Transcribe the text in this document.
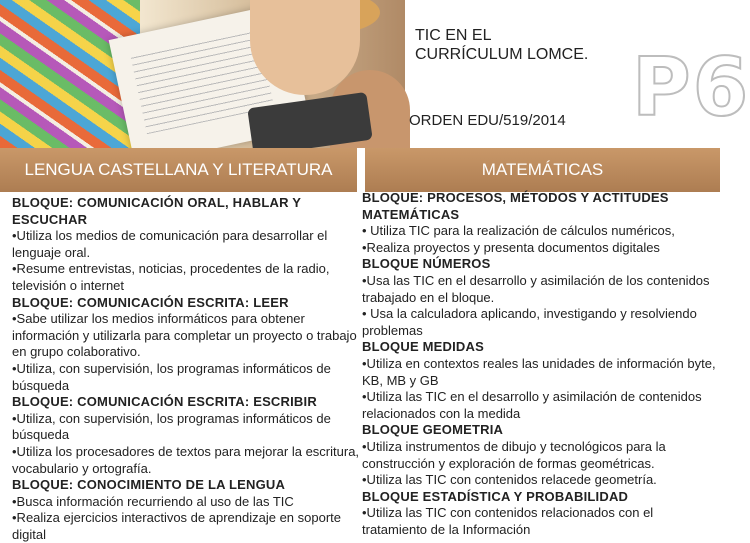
TIC EN EL
CURRÍCULUM LOMCE.
ORDEN EDU/519/2014 P6
LENGUA CASTELLANA Y LITERATURA	MATEMÁTICAS

BLOQUE: COMUNICACIÓN ORAL, HABLAR Y ESCUCHAR

•Utiliza los medios de comunicación para desarrollar el lenguaje oral.

•Resume entrevistas, noticias, procedentes de la radio, televisión o internet

BLOQUE: COMUNICACIÓN ESCRITA: LEER

•Sabe utilizar los medios informáticos para obtener información y utilizarla para completar un proyecto o trabajo en grupo colaborativo.

•Utiliza, con supervisión, los programas informáticos de búsqueda

BLOQUE: COMUNICACIÓN ESCRITA: ESCRIBIR

•Utiliza, con supervisión, los programas informáticos de búsqueda

•Utiliza los procesadores de textos para mejorar la escritura, vocabulario y ortografía.

BLOQUE: CONOCIMIENTO DE LA LENGUA

•Busca información recurriendo al uso de las TIC

•Realiza ejercicios interactivos de aprendizaje en soporte digital

BLOQUE: PROCESOS, MÉTODOS Y ACTITUDES MATEMÁTICAS

• Utiliza TIC para la realización de cálculos numéricos,

•Realiza proyectos y presenta documentos digitales

BLOQUE NÚMEROS

•Usa las TIC en el desarrollo y asimilación de los contenidos trabajado en el bloque.

• Usa la calculadora aplicando, investigando y resolviendo problemas

BLOQUE MEDIDAS

•Utiliza en contextos reales las unidades de información byte, KB, MB y GB

•Utiliza las TIC en el desarrollo y asimilación de contenidos relacionados con la medida

BLOQUE GEOMETRIA

•Utiliza instrumentos de dibujo y tecnológicos para la construcción y exploración de formas geométricas.

•Utiliza las TIC con contenidos relacede geometría.

BLOQUE ESTADÍSTICA Y PROBABILIDAD

•Utiliza las TIC con contenidos relacionados con el tratamiento de la Información
